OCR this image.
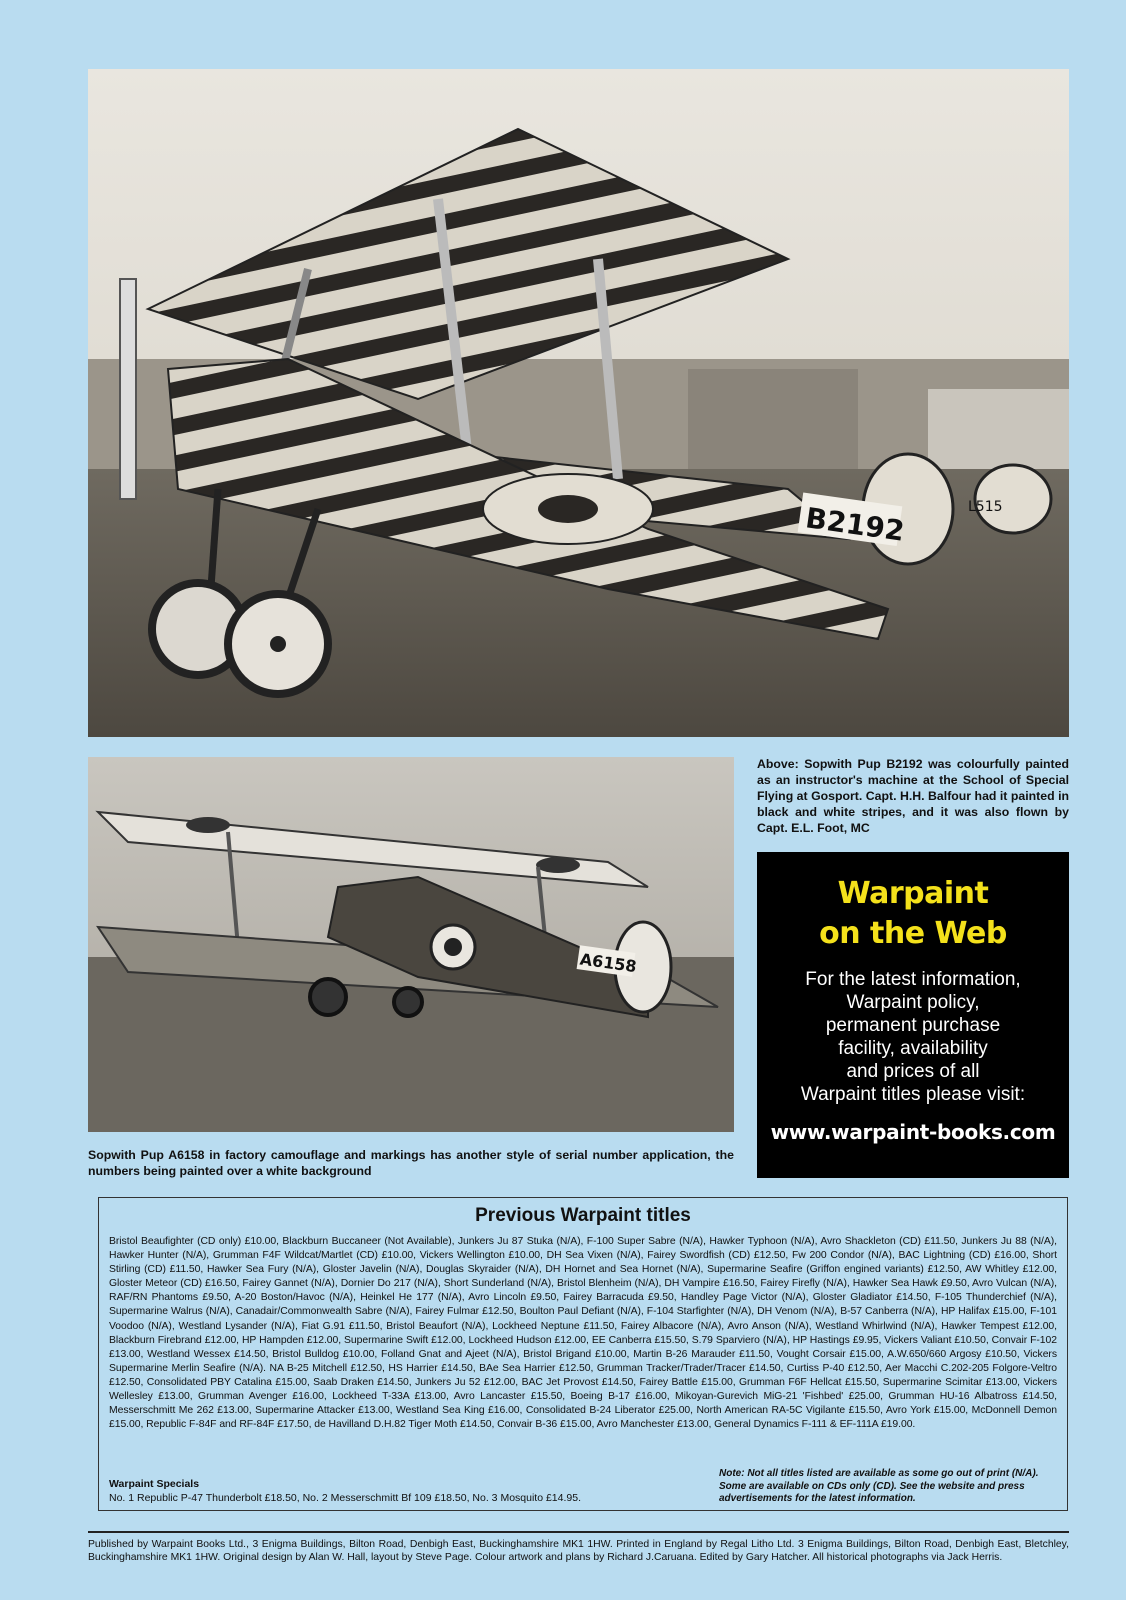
B2192	L515
A6158
Above: Sopwith Pup B2192 was colourfully painted as an instructor's machine at the School of Special Flying at Gosport. Capt. H.H. Balfour had it painted in black and white stripes, and it was also flown by Capt. E.L. Foot, MC
Sopwith Pup A6158 in factory camouflage and markings has another style of serial number application, the numbers being painted over a white background
Warpaint
on the Web
For the latest information,
Warpaint policy,
permanent purchase
facility, availability
and prices of all
Warpaint titles please visit:
www.warpaint-books.com
Previous Warpaint titles
Bristol Beaufighter (CD only) £10.00, Blackburn Buccaneer (Not Available), Junkers Ju 87 Stuka (N/A), F-100 Super Sabre (N/A), Hawker Typhoon (N/A), Avro Shackleton (CD) £11.50, Junkers Ju 88 (N/A), Hawker Hunter (N/A), Grumman F4F Wildcat/Martlet (CD) £10.00, Vickers Wellington £10.00, DH Sea Vixen (N/A), Fairey Swordfish (CD) £12.50, Fw 200 Condor (N/A), BAC Lightning (CD) £16.00, Short Stirling (CD) £11.50, Hawker Sea Fury (N/A), Gloster Javelin (N/A), Douglas Skyraider (N/A), DH Hornet and Sea Hornet (N/A), Supermarine Seafire (Griffon engined variants) £12.50, AW Whitley £12.00, Gloster Meteor (CD) £16.50, Fairey Gannet (N/A), Dornier Do 217 (N/A), Short Sunderland (N/A), Bristol Blenheim (N/A), DH Vampire £16.50, Fairey Firefly (N/A), Hawker Sea Hawk £9.50, Avro Vulcan (N/A), RAF/RN Phantoms £9.50, A-20 Boston/Havoc (N/A), Heinkel He 177 (N/A), Avro Lincoln £9.50, Fairey Barracuda £9.50, Handley Page Victor (N/A), Gloster Gladiator £14.50, F-105 Thunderchief (N/A), Supermarine Walrus (N/A), Canadair/Commonwealth Sabre (N/A), Fairey Fulmar £12.50, Boulton Paul Defiant (N/A), F-104 Starfighter (N/A), DH Venom (N/A), B-57 Canberra (N/A), HP Halifax £15.00, F-101 Voodoo (N/A), Westland Lysander (N/A), Fiat G.91 £11.50, Bristol Beaufort (N/A), Lockheed Neptune £11.50, Fairey Albacore (N/A), Avro Anson (N/A), Westland Whirlwind (N/A), Hawker Tempest £12.00, Blackburn Firebrand £12.00, HP Hampden £12.00, Supermarine Swift £12.00, Lockheed Hudson £12.00, EE Canberra £15.50, S.79 Sparviero (N/A), HP Hastings £9.95, Vickers Valiant £10.50, Convair F-102 £13.00, Westland Wessex £14.50, Bristol Bulldog £10.00, Folland Gnat and Ajeet (N/A), Bristol Brigand £10.00, Martin B-26 Marauder £11.50, Vought Corsair £15.00, A.W.650/660 Argosy £10.50, Vickers Supermarine Merlin Seafire (N/A). NA B-25 Mitchell £12.50, HS Harrier £14.50, BAe Sea Harrier £12.50, Grumman Tracker/Trader/Tracer £14.50, Curtiss P-40 £12.50, Aer Macchi C.202-205 Folgore-Veltro £12.50, Consolidated PBY Catalina £15.00, Saab Draken £14.50, Junkers Ju 52 £12.00, BAC Jet Provost £14.50, Fairey Battle £15.00, Grumman F6F Hellcat £15.50, Supermarine Scimitar £13.00, Vickers Wellesley £13.00, Grumman Avenger £16.00, Lockheed T-33A £13.00, Avro Lancaster £15.50, Boeing B-17 £16.00, Mikoyan-Gurevich MiG-21 'Fishbed' £25.00, Grumman HU-16 Albatross £14.50, Messerschmitt Me 262 £13.00, Supermarine Attacker £13.00, Westland Sea King £16.00, Consolidated B-24 Liberator £25.00, North American RA-5C Vigilante £15.50, Avro York £15.00, McDonnell Demon £15.00, Republic F-84F and RF-84F £17.50, de Havilland D.H.82 Tiger Moth £14.50, Convair B-36 £15.00, Avro Manchester £13.00, General Dynamics F-111 & EF-111A £19.00.
Warpaint Specials
No. 1 Republic P-47 Thunderbolt £18.50, No. 2 Messerschmitt Bf 109 £18.50, No. 3 Mosquito £14.95.
Note: Not all titles listed are available as some go out of print (N/A). Some are available on CDs only (CD). See the website and press advertisements for the latest information.
Published by Warpaint Books Ltd., 3 Enigma Buildings, Bilton Road, Denbigh East, Buckinghamshire MK1 1HW. Printed in England by Regal Litho Ltd. 3 Enigma Buildings, Bilton Road, Denbigh East, Bletchley, Buckinghamshire MK1 1HW. Original design by Alan W. Hall, layout by Steve Page. Colour artwork and plans by Richard J.Caruana. Edited by Gary Hatcher. All historical photographs via Jack Herris.
